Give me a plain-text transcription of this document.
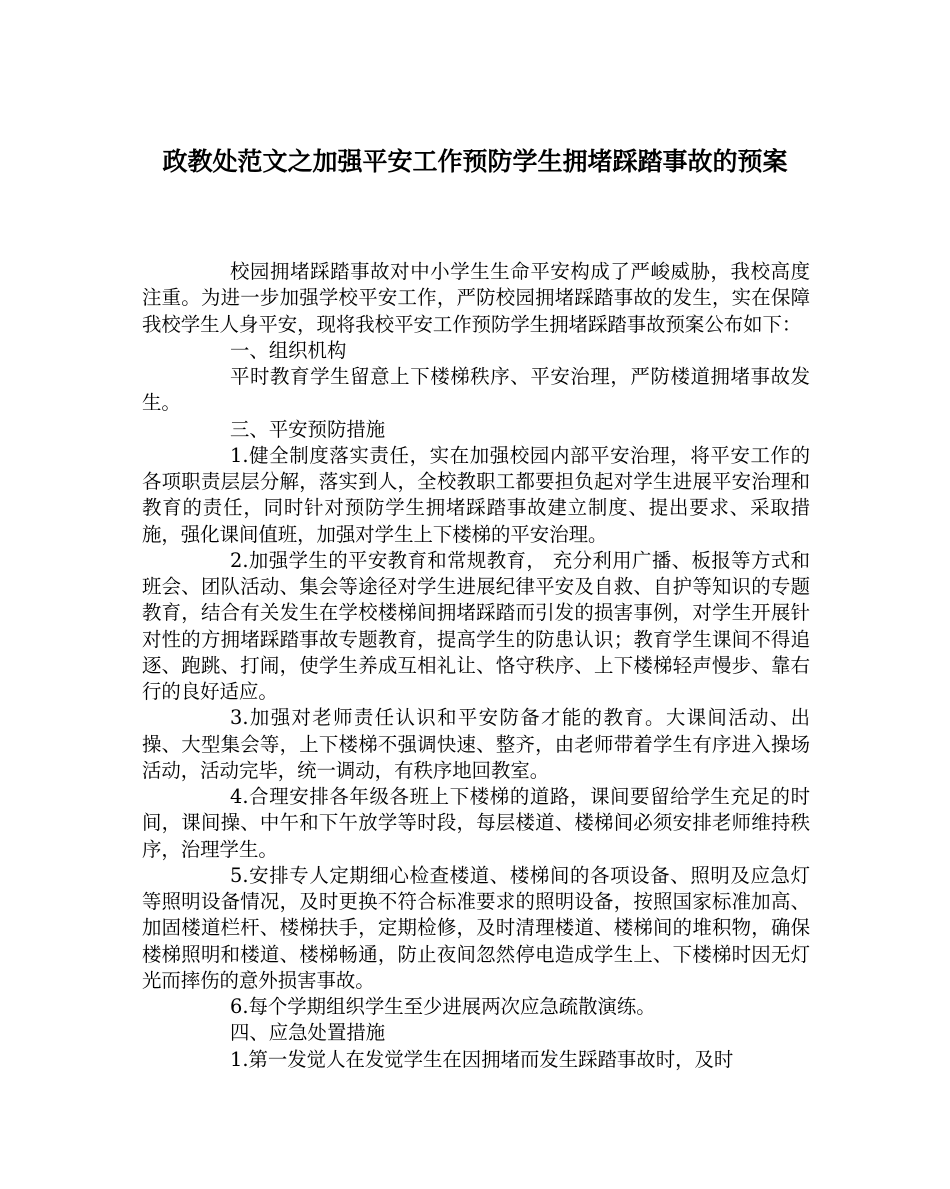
政教处范文之加强平安工作预防学生拥堵踩踏事故的预案

校园拥堵踩踏事故对中小学生生命平安构成了严峻威胁，我校高度注重。为进一步加强学校平安工作，严防校园拥堵踩踏事故的发生，实在保障我校学生人身平安，现将我校平安工作预防学生拥堵踩踏事故预案公布如下：

一、组织机构

平时教育学生留意上下楼梯秩序、平安治理，严防楼道拥堵事故发生。

三、平安预防措施

1.健全制度落实责任，实在加强校园内部平安治理，将平安工作的各项职责层层分解，落实到人，全校教职工都要担负起对学生进展平安治理和教育的责任，同时针对预防学生拥堵踩踏事故建立制度、提出要求、采取措施，强化课间值班，加强对学生上下楼梯的平安治理。

2.加强学生的平安教育和常规教育， 充分利用广播、板报等方式和班会、团队活动、集会等途径对学生进展纪律平安及自救、自护等知识的专题教育，结合有关发生在学校楼梯间拥堵踩踏而引发的损害事例，对学生开展针对性的方拥堵踩踏事故专题教育，提高学生的防患认识；教育学生课间不得追逐、跑跳、打闹，使学生养成互相礼让、恪守秩序、上下楼梯轻声慢步、靠右行的良好适应。

3.加强对老师责任认识和平安防备才能的教育。大课间活动、出操、大型集会等，上下楼梯不强调快速、整齐，由老师带着学生有序进入操场活动，活动完毕，统一调动，有秩序地回教室。

4.合理安排各年级各班上下楼梯的道路，课间要留给学生充足的时间，课间操、中午和下午放学等时段，每层楼道、楼梯间必须安排老师维持秩序，治理学生。

5.安排专人定期细心检查楼道、楼梯间的各项设备、照明及应急灯等照明设备情况，及时更换不符合标准要求的照明设备，按照国家标准加高、加固楼道栏杆、楼梯扶手，定期检修，及时清理楼道、楼梯间的堆积物，确保楼梯照明和楼道、楼梯畅通，防止夜间忽然停电造成学生上、下楼梯时因无灯光而摔伤的意外损害事故。

6.每个学期组织学生至少进展两次应急疏散演练。

四、应急处置措施

1.第一发觉人在发觉学生在因拥堵而发生踩踏事故时，及时
